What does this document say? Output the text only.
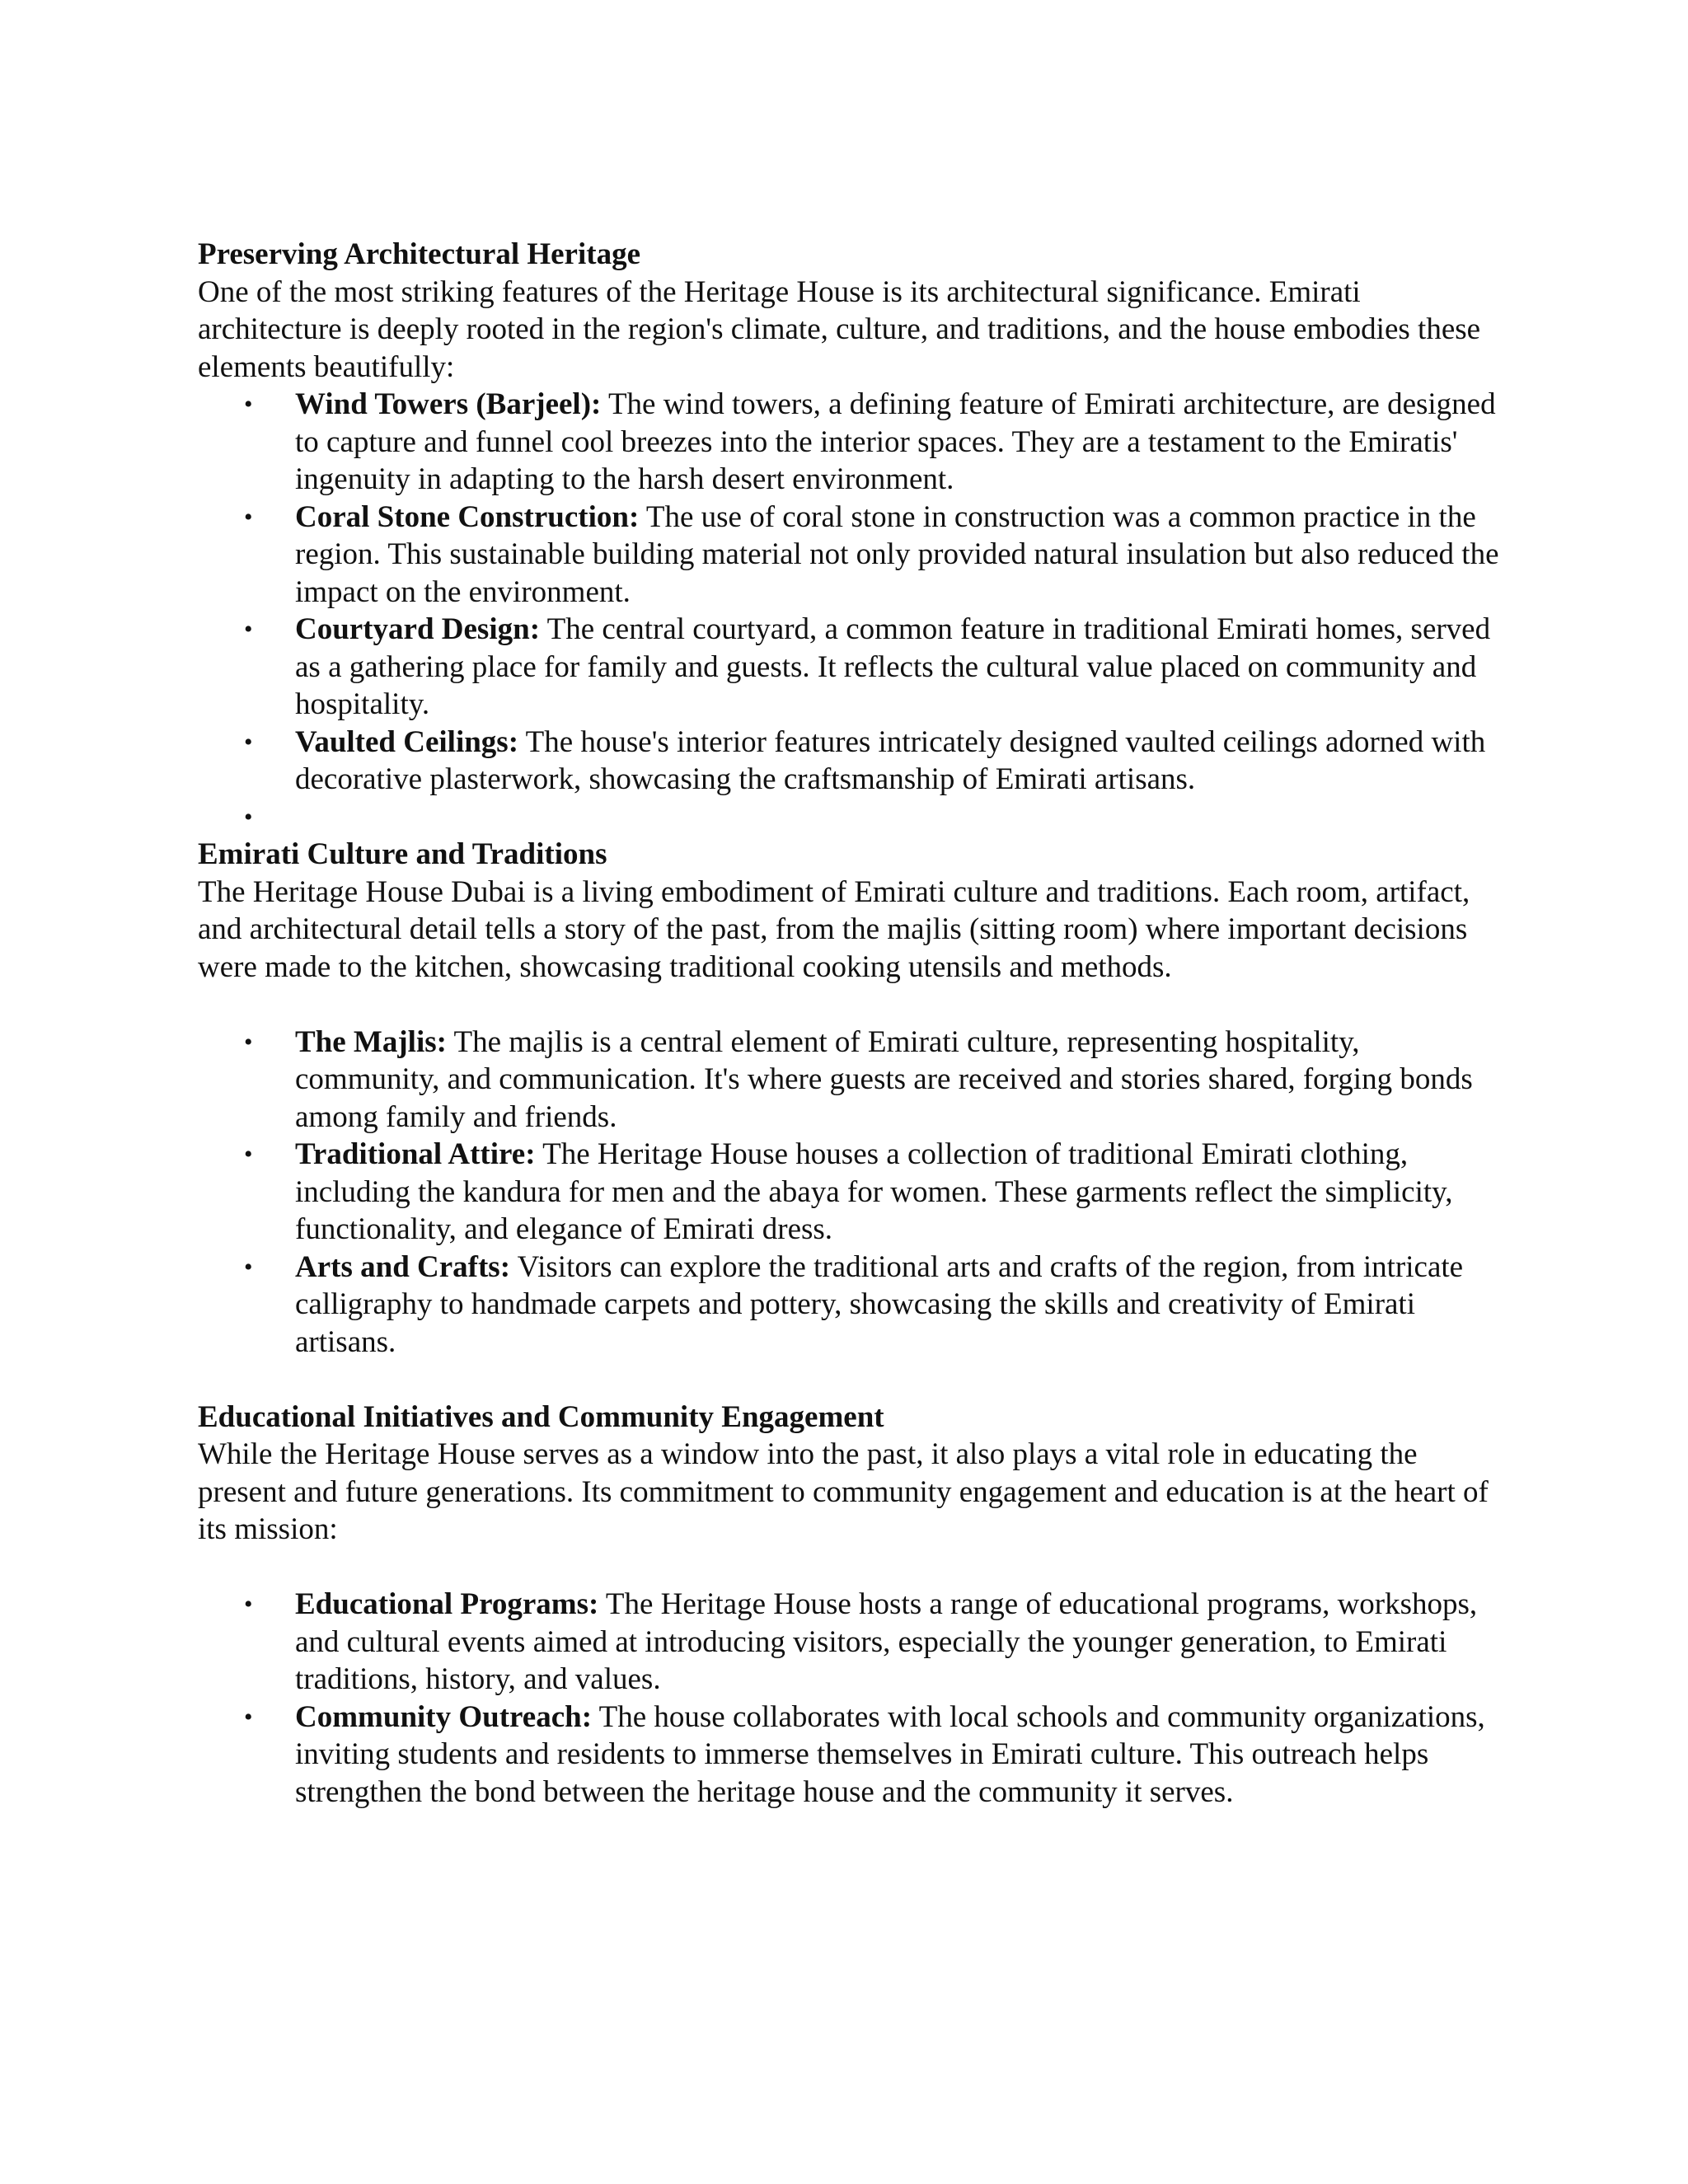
Preserving Architectural Heritage

One of the most striking features of the Heritage House is its architectural significance. Emirati architecture is deeply rooted in the region's climate, culture, and traditions, and the house embodies these elements beautifully:

• Wind Towers (Barjeel): The wind towers, a defining feature of Emirati architecture, are designed to capture and funnel cool breezes into the interior spaces. They are a testament to the Emiratis' ingenuity in adapting to the harsh desert environment.
• Coral Stone Construction: The use of coral stone in construction was a common practice in the region. This sustainable building material not only provided natural insulation but also reduced the impact on the environment.
• Courtyard Design: The central courtyard, a common feature in traditional Emirati homes, served as a gathering place for family and guests. It reflects the cultural value placed on community and hospitality.
• Vaulted Ceilings: The house's interior features intricately designed vaulted ceilings adorned with decorative plasterwork, showcasing the craftsmanship of Emirati artisans.
•

Emirati Culture and Traditions

The Heritage House Dubai is a living embodiment of Emirati culture and traditions. Each room, artifact, and architectural detail tells a story of the past, from the majlis (sitting room) where important decisions were made to the kitchen, showcasing traditional cooking utensils and methods.

• The Majlis: The majlis is a central element of Emirati culture, representing hospitality, community, and communication. It's where guests are received and stories shared, forging bonds among family and friends.
• Traditional Attire: The Heritage House houses a collection of traditional Emirati clothing, including the kandura for men and the abaya for women. These garments reflect the simplicity, functionality, and elegance of Emirati dress.
• Arts and Crafts: Visitors can explore the traditional arts and crafts of the region, from intricate calligraphy to handmade carpets and pottery, showcasing the skills and creativity of Emirati artisans.
Educational Initiatives and Community Engagement

While the Heritage House serves as a window into the past, it also plays a vital role in educating the present and future generations. Its commitment to community engagement and education is at the heart of its mission:

• Educational Programs: The Heritage House hosts a range of educational programs, workshops, and cultural events aimed at introducing visitors, especially the younger generation, to Emirati traditions, history, and values.
• Community Outreach: The house collaborates with local schools and community organizations, inviting students and residents to immerse themselves in Emirati culture. This outreach helps strengthen the bond between the heritage house and the community it serves.
